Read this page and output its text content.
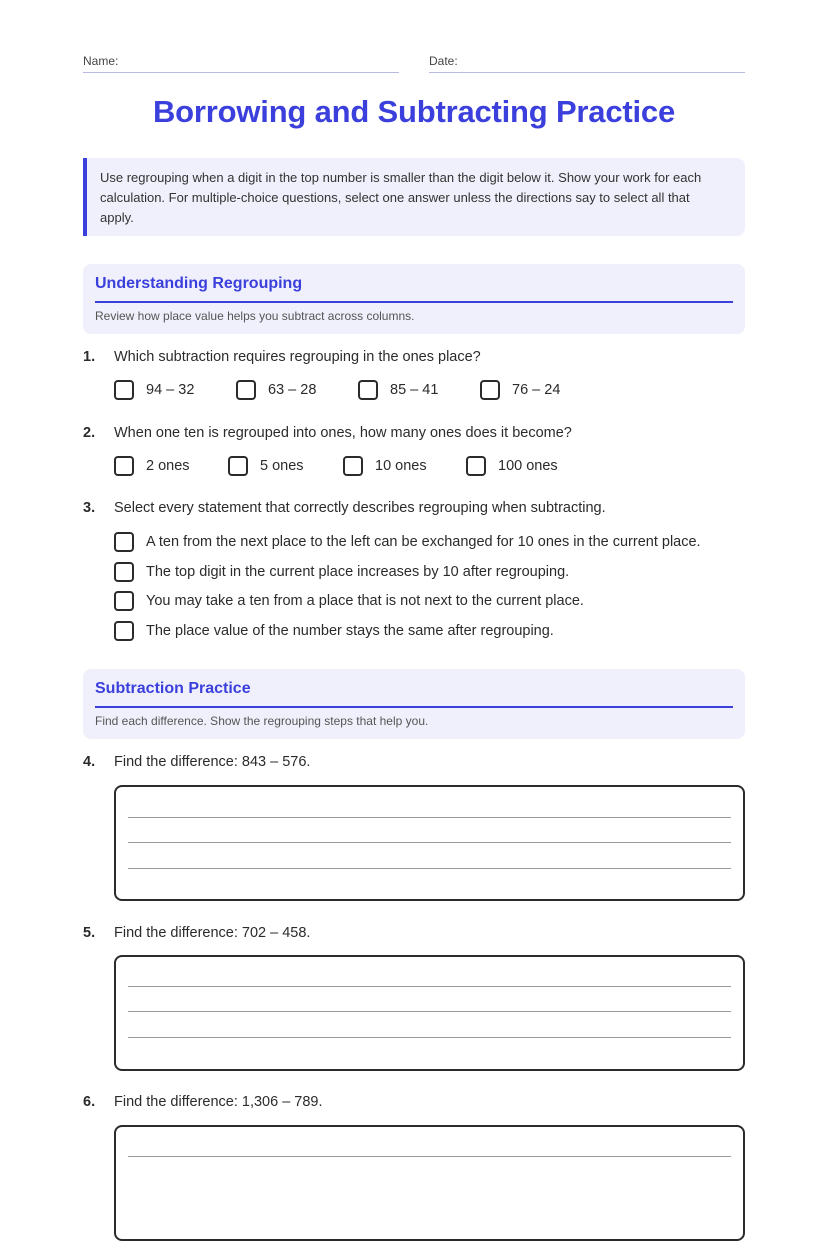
Name:	Date:
Borrowing and Subtracting Practice
Use regrouping when a digit in the top number is smaller than the digit below it. Show your work for each calculation. For multiple-choice questions, select one answer unless the directions say to select all that apply.
Understanding Regrouping
Review how place value helps you subtract across columns.
1. Which subtraction requires regrouping in the ones place?
94 – 32	63 – 28	85 – 41	76 – 24
2. When one ten is regrouped into ones, how many ones does it become?
2 ones	5 ones	10 ones	100 ones
3. Select every statement that correctly describes regrouping when subtracting.
A ten from the next place to the left can be exchanged for 10 ones in the current place.
The top digit in the current place increases by 10 after regrouping.
You may take a ten from a place that is not next to the current place.
The place value of the number stays the same after regrouping.
Subtraction Practice
Find each difference. Show the regrouping steps that help you.
4. Find the difference: 843 – 576.
5. Find the difference: 702 – 458.
6. Find the difference: 1,306 – 789.
